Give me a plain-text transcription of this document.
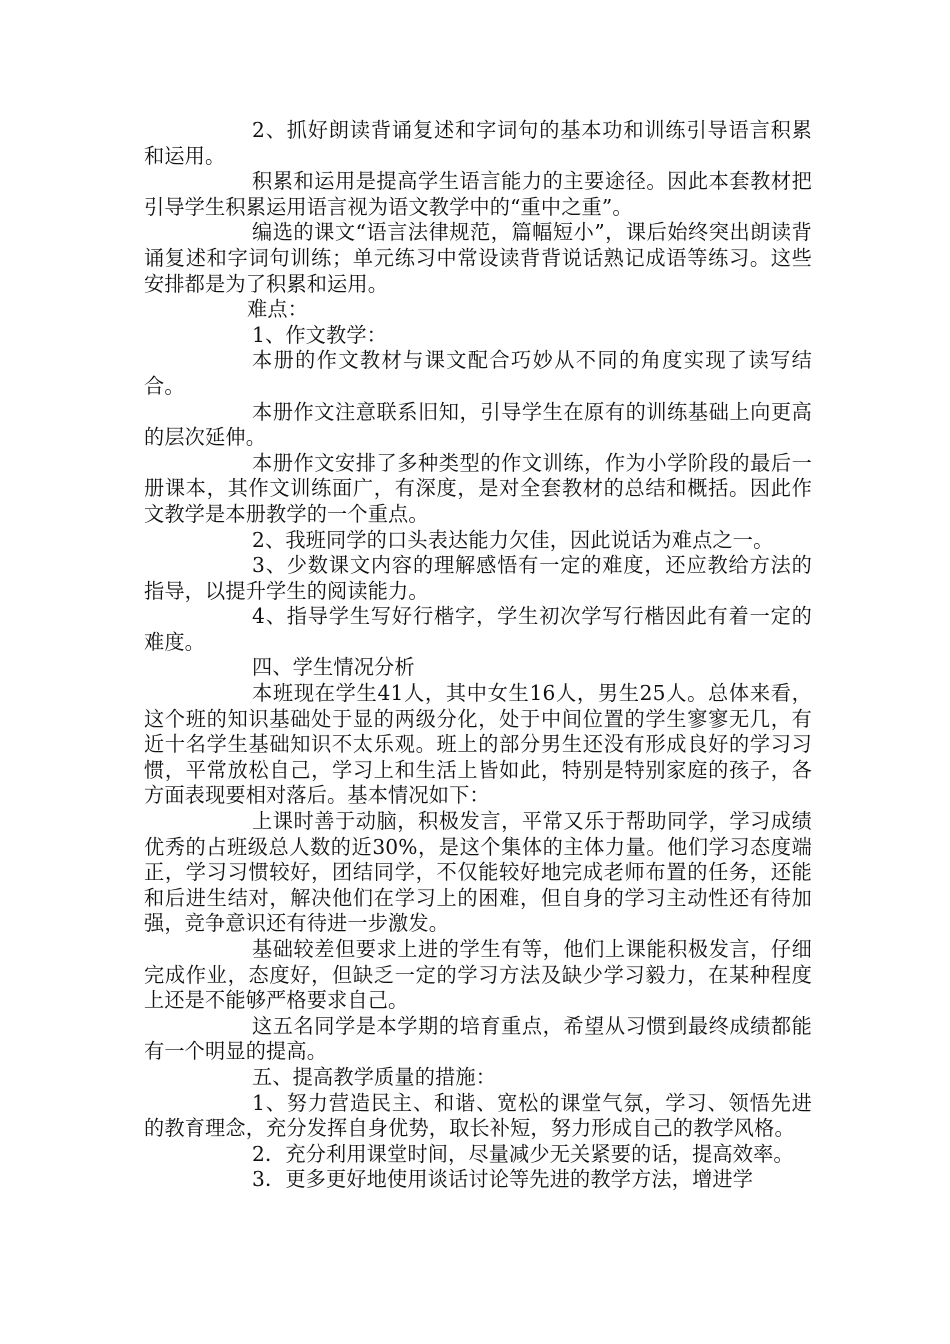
2、抓好朗读背诵复述和字词句的基本功和训练引导语言积累和运用。

积累和运用是提高学生语言能力的主要途径。因此本套教材把引导学生积累运用语言视为语文教学中的“重中之重”。

编选的课文“语言法律规范，篇幅短小”，课后始终突出朗读背诵复述和字词句训练；单元练习中常设读背背说话熟记成语等练习。这些安排都是为了积累和运用。

难点：

1、作文教学：

本册的作文教材与课文配合巧妙从不同的角度实现了读写结合。

本册作文注意联系旧知，引导学生在原有的训练基础上向更高的层次延伸。

本册作文安排了多种类型的作文训练，作为小学阶段的最后一册课本，其作文训练面广，有深度，是对全套教材的总结和概括。因此作文教学是本册教学的一个重点。

2、我班同学的口头表达能力欠佳，因此说话为难点之一。

3、少数课文内容的理解感悟有一定的难度，还应教给方法的指导，以提升学生的阅读能力。

4、指导学生写好行楷字，学生初次学写行楷因此有着一定的难度。

四、学生情况分析

本班现在学生41人，其中女生16人，男生25人。总体来看，这个班的知识基础处于显的两级分化，处于中间位置的学生寥寥无几，有近十名学生基础知识不太乐观。班上的部分男生还没有形成良好的学习习惯，平常放松自己，学习上和生活上皆如此，特别是特别家庭的孩子，各方面表现要相对落后。基本情况如下：

上课时善于动脑，积极发言，平常又乐于帮助同学，学习成绩优秀的占班级总人数的近30%，是这个集体的主体力量。他们学习态度端正，学习习惯较好，团结同学，不仅能较好地完成老师布置的任务，还能和后进生结对，解决他们在学习上的困难，但自身的学习主动性还有待加强，竞争意识还有待进一步激发。

基础较差但要求上进的学生有等，他们上课能积极发言，仔细完成作业，态度好，但缺乏一定的学习方法及缺少学习毅力，在某种程度上还是不能够严格要求自己。

这五名同学是本学期的培育重点，希望从习惯到最终成绩都能有一个明显的提高。

五、提高教学质量的措施：

1、努力营造民主、和谐、宽松的课堂气氛，学习、领悟先进的教育理念，充分发挥自身优势，取长补短，努力形成自己的教学风格。

2．充分利用课堂时间，尽量减少无关紧要的话，提高效率。

3．更多更好地使用谈话讨论等先进的教学方法，增进学
